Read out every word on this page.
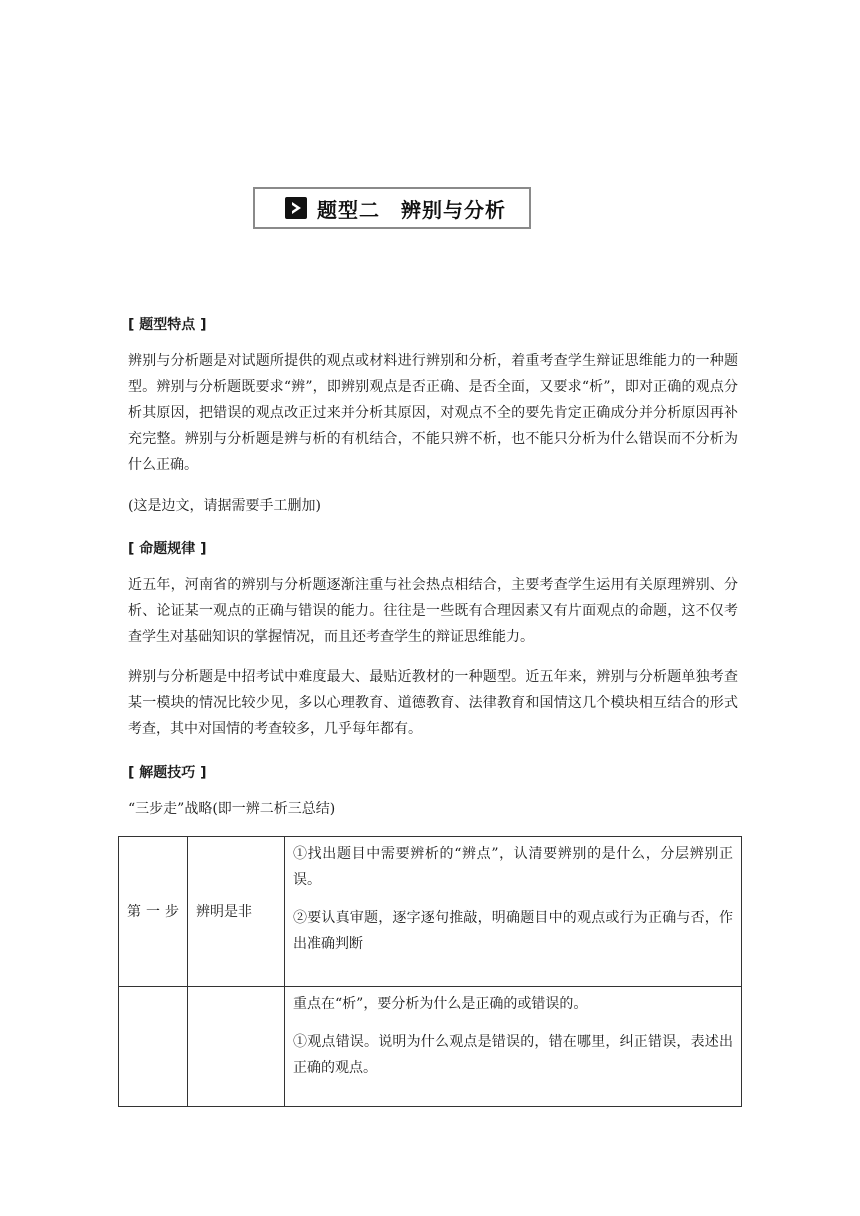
题型二　辨别与分析
[ 题型特点 ]
辨别与分析题是对试题所提供的观点或材料进行辨别和分析，着重考查学生辩证思维能力的一种题型。辨别与分析题既要求“辨”，即辨别观点是否正确、是否全面，又要求“析”，即对正确的观点分析其原因，把错误的观点改正过来并分析其原因，对观点不全的要先肯定正确成分并分析原因再补充完整。辨别与分析题是辨与析的有机结合，不能只辨不析，也不能只分析为什么错误而不分析为什么正确。
(这是边文，请据需要手工删加)
[ 命题规律 ]
近五年，河南省的辨别与分析题逐渐注重与社会热点相结合，主要考查学生运用有关原理辨别、分析、论证某一观点的正确与错误的能力。往往是一些既有合理因素又有片面观点的命题，这不仅考查学生对基础知识的掌握情况，而且还考查学生的辩证思维能力。
辨别与分析题是中招考试中难度最大、最贴近教材的一种题型。近五年来，辨别与分析题单独考查某一模块的情况比较少见，多以心理教育、道德教育、法律教育和国情这几个模块相互结合的形式考查，其中对国情的考查较多，几乎每年都有。
[ 解题技巧 ]
“三步走”战略(即一辨二析三总结)
第一步	辨明是非	①找出题目中需要辨析的“辨点”，认清要辨别的是什么，分层辨别正误。

②要认真审题，逐字逐句推敲，明确题目中的观点或行为正确与否，作出准确判断

		重点在“析”，要分析为什么是正确的或错误的。

①观点错误。说明为什么观点是错误的，错在哪里，纠正错误，表述出正确的观点。
